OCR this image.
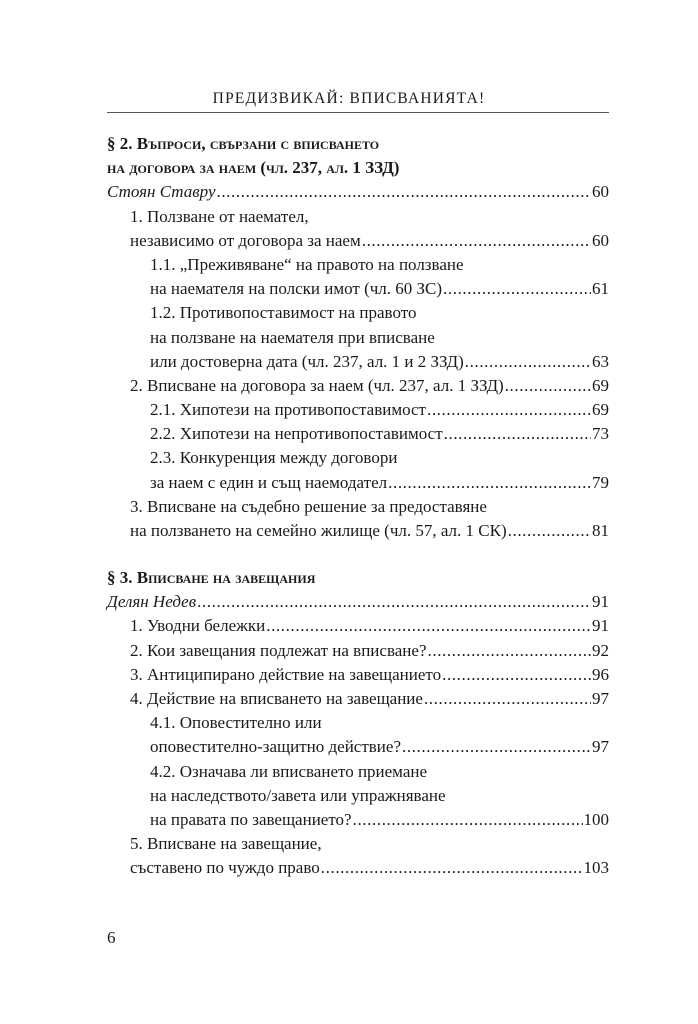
ПРЕДИЗВИКАЙ: ВПИСВАНИЯТА!
§ 2. Въпроси, свързани с вписването
на договора за наем (чл. 237, ал. 1 ЗЗД)
Стоян Ставру .....	60
1. Ползване от наемател,
независимо от договора за наем .....	60
1.1. „Преживяване“ на правото на ползване
на наемателя на полски имот (чл. 60 ЗС) .....	61
1.2. Противопоставимост на правото
на ползване на наемателя при вписване
или достоверна дата (чл. 237, ал. 1 и 2 ЗЗД) .....	63
2. Вписване на договора за наем (чл. 237, ал. 1 ЗЗД) .....	69
2.1. Хипотези на противопоставимост .....	69
2.2. Хипотези на непротивопоставимост .....	73
2.3. Конкуренция между договори
за наем с един и същ наемодател .....	79
3. Вписване на съдебно решение за предоставяне
на ползването на семейно жилище (чл. 57, ал. 1 СК) .....	81
§ 3. Вписване на завещания
Делян Недев .....	91
1. Уводни бележки .....	91
2. Кои завещания подлежат на вписване? .....	92
3. Антиципирано действие на завещанието .....	96
4. Действие на вписването на завещание .....	97
4.1. Оповестително или
оповестително-защитно действие? .....	97
4.2. Означава ли вписването приемане
на наследството/завета или упражняване
на правата по завещанието? .....	100
5. Вписване на завещание,
съставено по чуждо право .....	103
6
